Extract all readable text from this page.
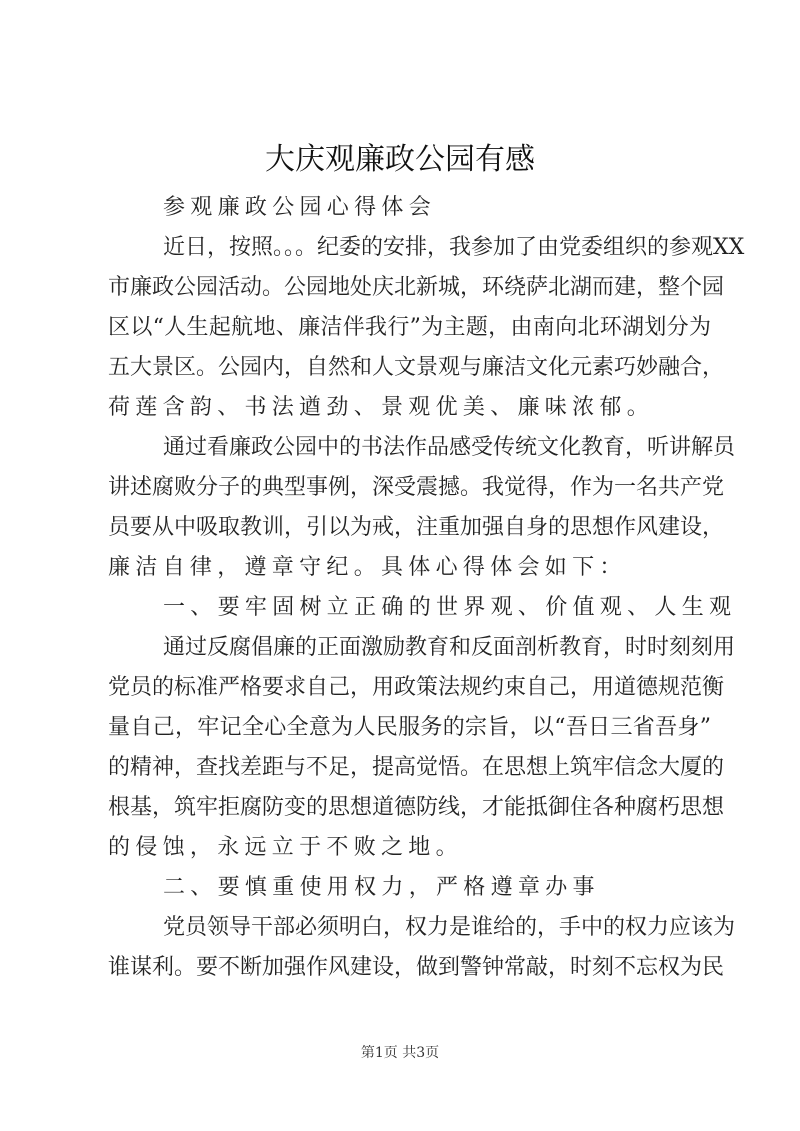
大庆观廉政公园有感
参观廉政公园心得体会
近日，按照。。。纪委的安排，我参加了由党委组织的参观XX
市廉政公园活动。公园地处庆北新城，环绕萨北湖而建，整个园
区以“人生起航地、廉洁伴我行”为主题，由南向北环湖划分为
五大景区。公园内，自然和人文景观与廉洁文化元素巧妙融合，
荷莲含韵、书法遒劲、景观优美、廉味浓郁。
通过看廉政公园中的书法作品感受传统文化教育，听讲解员
讲述腐败分子的典型事例，深受震撼。我觉得，作为一名共产党
员要从中吸取教训，引以为戒，注重加强自身的思想作风建设，
廉洁自律，遵章守纪。具体心得体会如下：
一、要牢固树立正确的世界观、价值观、人生观
通过反腐倡廉的正面激励教育和反面剖析教育，时时刻刻用
党员的标准严格要求自己，用政策法规约束自己，用道德规范衡
量自己，牢记全心全意为人民服务的宗旨，以“吾日三省吾身”
的精神，查找差距与不足，提高觉悟。在思想上筑牢信念大厦的
根基，筑牢拒腐防变的思想道德防线，才能抵御住各种腐朽思想
的侵蚀，永远立于不败之地。
二、要慎重使用权力，严格遵章办事
党员领导干部必须明白，权力是谁给的，手中的权力应该为
谁谋利。要不断加强作风建设，做到警钟常敲，时刻不忘权为民
第1页 共3页
